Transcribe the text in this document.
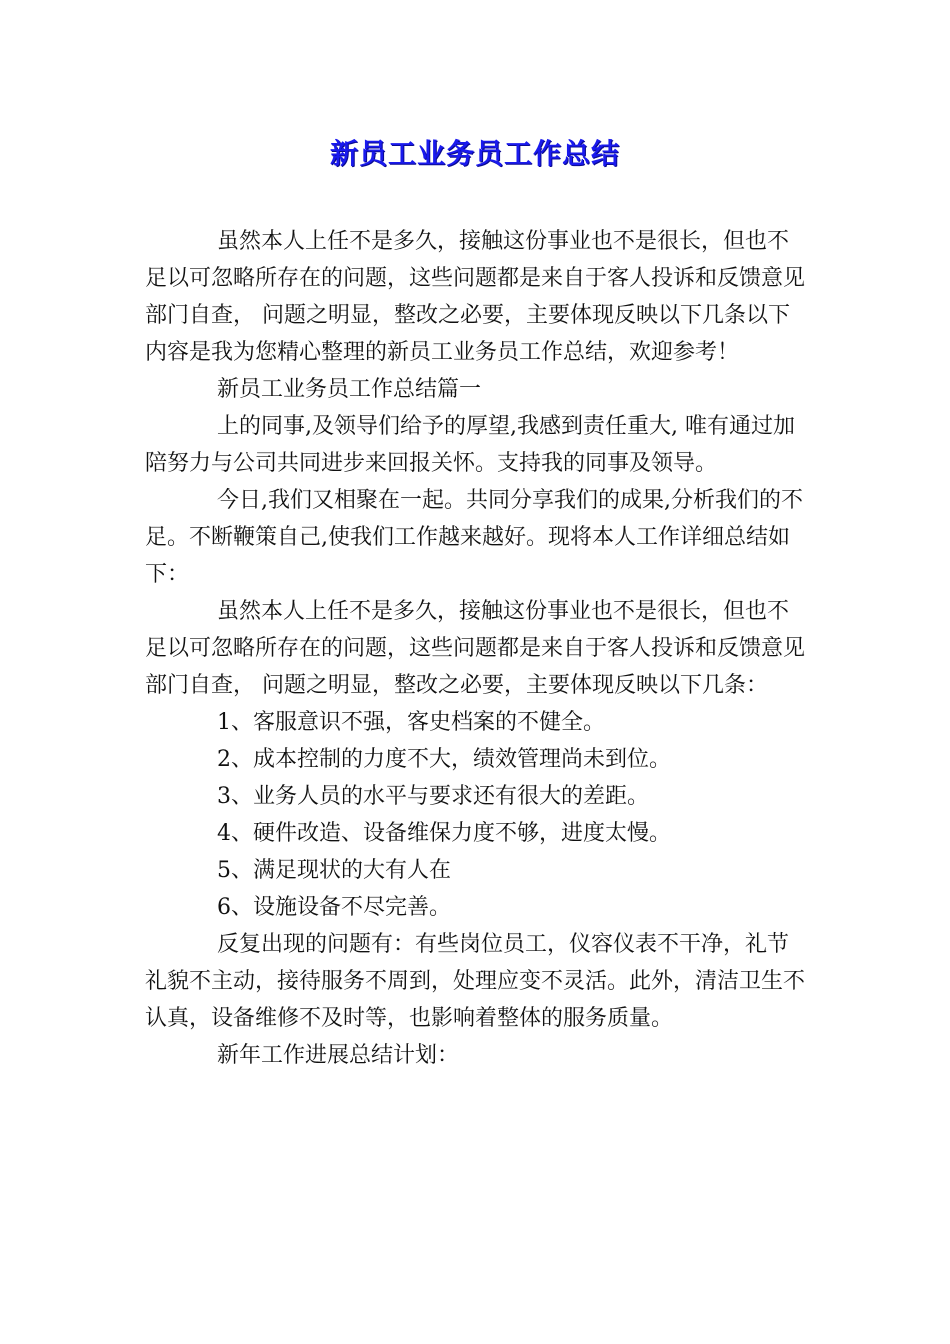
新员工业务员工作总结

虽然本人上任不是多久，接触这份事业也不是很长，但也不足以可忽略所存在的问题，这些问题都是来自于客人投诉和反馈意见部门自查， 问题之明显，整改之必要，主要体现反映以下几条以下内容是我为您精心整理的新员工业务员工作总结，欢迎参考！

新员工业务员工作总结篇一

上的同事,及领导们给予的厚望,我感到责任重大, 唯有通过加陪努力与公司共同进步来回报关怀。支持我的同事及领导。

今日,我们又相聚在一起。共同分享我们的成果,分析我们的不足。不断鞭策自己,使我们工作越来越好。现将本人工作详细总结如下：

虽然本人上任不是多久，接触这份事业也不是很长，但也不足以可忽略所存在的问题，这些问题都是来自于客人投诉和反馈意见部门自查， 问题之明显，整改之必要，主要体现反映以下几条：

1、客服意识不强，客史档案的不健全。

2、成本控制的力度不大，绩效管理尚未到位。

3、业务人员的水平与要求还有很大的差距。

4、硬件改造、设备维保力度不够，进度太慢。

5、满足现状的大有人在

6、设施设备不尽完善。

反复出现的问题有：有些岗位员工，仪容仪表不干净，礼节礼貌不主动，接待服务不周到，处理应变不灵活。此外，清洁卫生不认真，设备维修不及时等，也影响着整体的服务质量。

新年工作进展总结计划：
